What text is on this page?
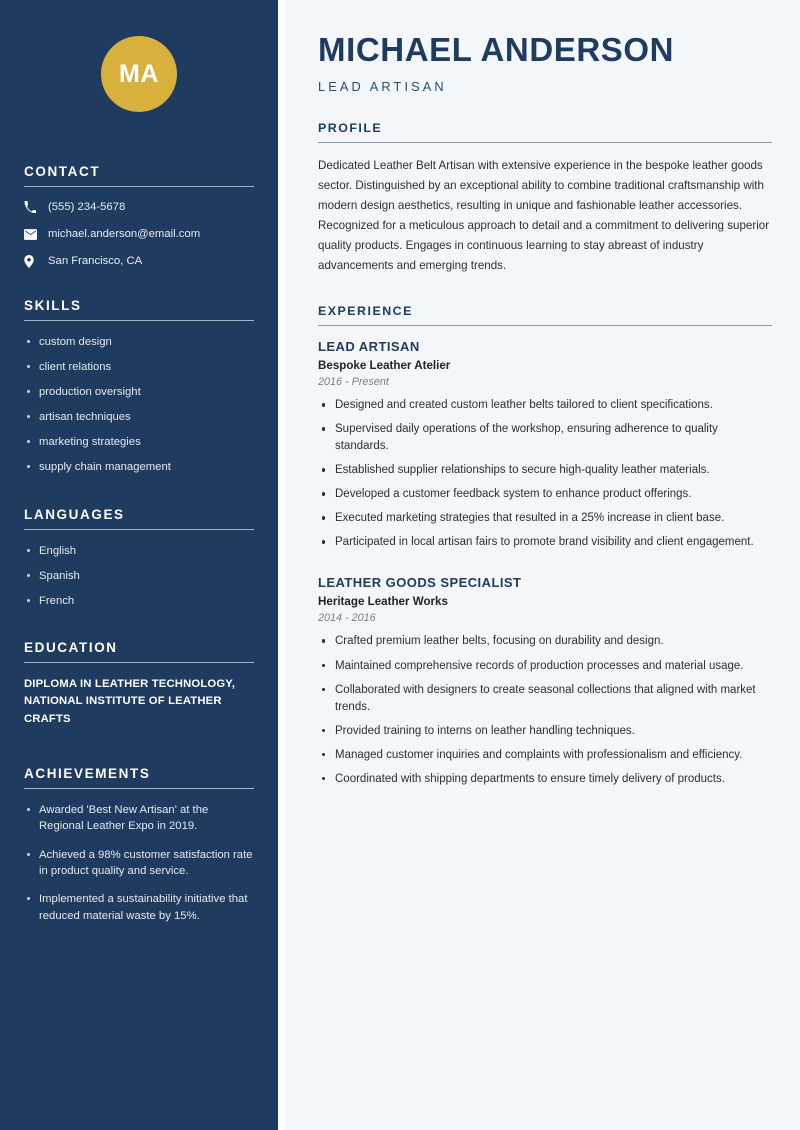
MA
CONTACT
(555) 234-5678
michael.anderson@email.com
San Francisco, CA
SKILLS
custom design
client relations
production oversight
artisan techniques
marketing strategies
supply chain management
LANGUAGES
English
Spanish
French
EDUCATION
DIPLOMA IN LEATHER TECHNOLOGY, NATIONAL INSTITUTE OF LEATHER CRAFTS
ACHIEVEMENTS
Awarded 'Best New Artisan' at the Regional Leather Expo in 2019.
Achieved a 98% customer satisfaction rate in product quality and service.
Implemented a sustainability initiative that reduced material waste by 15%.
MICHAEL ANDERSON
LEAD ARTISAN
PROFILE

Dedicated Leather Belt Artisan with extensive experience in the bespoke leather goods sector. Distinguished by an exceptional ability to combine traditional craftsmanship with modern design aesthetics, resulting in unique and fashionable leather accessories. Recognized for a meticulous approach to detail and a commitment to delivering superior quality products. Engages in continuous learning to stay abreast of industry advancements and emerging trends.

EXPERIENCE
LEAD ARTISAN
Bespoke Leather Atelier
2016 - Present
Designed and created custom leather belts tailored to client specifications.
Supervised daily operations of the workshop, ensuring adherence to quality standards.
Established supplier relationships to secure high-quality leather materials.
Developed a customer feedback system to enhance product offerings.
Executed marketing strategies that resulted in a 25% increase in client base.
Participated in local artisan fairs to promote brand visibility and client engagement.
LEATHER GOODS SPECIALIST
Heritage Leather Works
2014 - 2016
Crafted premium leather belts, focusing on durability and design.
Maintained comprehensive records of production processes and material usage.
Collaborated with designers to create seasonal collections that aligned with market trends.
Provided training to interns on leather handling techniques.
Managed customer inquiries and complaints with professionalism and efficiency.
Coordinated with shipping departments to ensure timely delivery of products.
